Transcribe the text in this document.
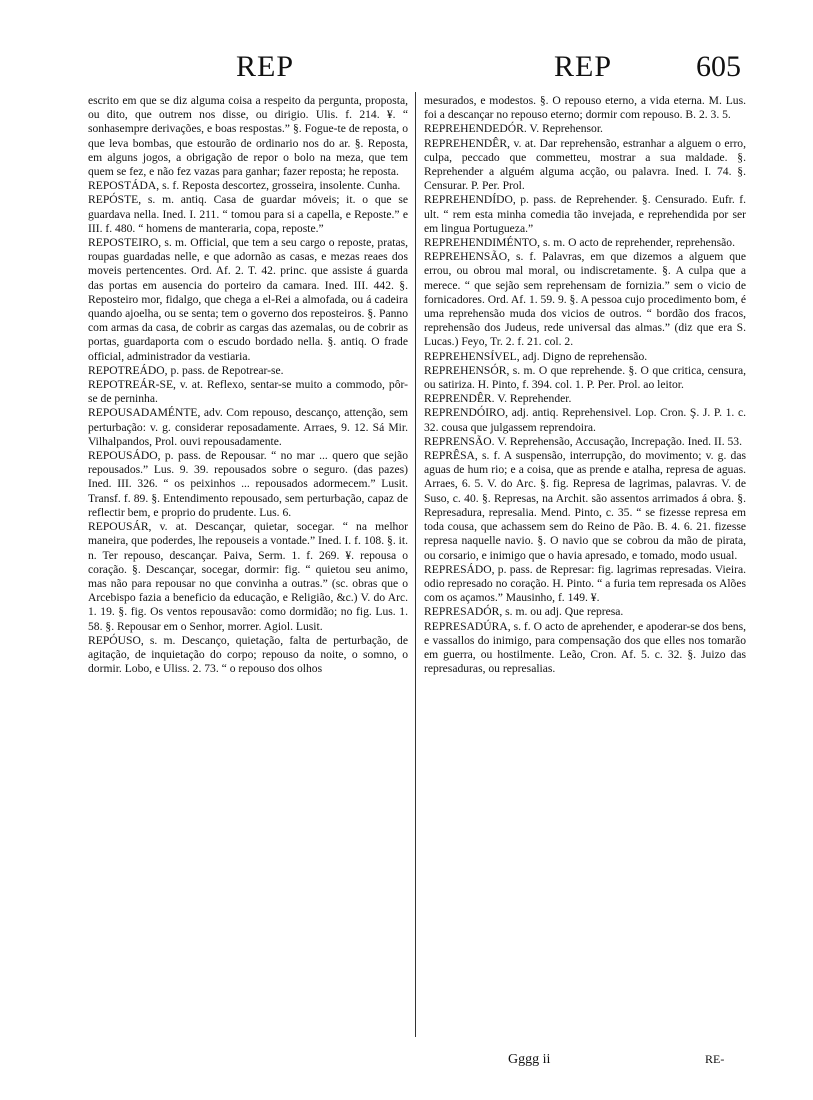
REP	REP	605

escrito em que se diz alguma coisa a respeito da pergunta, proposta, ou dito, que outrem nos disse, ou dirigio. Ulis. f. 214. ¥. “ sonhasempre derivações, e boas respostas.” §. Fogue-te de reposta, o que leva bombas, que estourão de ordinario nos do ar. §. Reposta, em alguns jogos, a obrigação de repor o bolo na meza, que tem quem se fez, e não fez vazas para ganhar; fazer reposta; he reposta.

REPOSTÁDA, s. f. Reposta descortez, grosseira, insolente. Cunha.

REPÓSTE, s. m. antiq. Casa de guardar móveis; it. o que se guardava nella. Ined. I. 211. “ tomou para si a capella, e Reposte.” e III. f. 480. “ homens de manteraria, copa, reposte.”

REPOSTEIRO, s. m. Official, que tem a seu cargo o reposte, pratas, roupas guardadas nelle, e que adornão as casas, e mezas reaes dos moveis pertencentes. Ord. Af. 2. T. 42. princ. que assiste á guarda das portas em ausencia do porteiro da camara. Ined. III. 442. §. Reposteiro mor, fidalgo, que chega a el-Rei a almofada, ou á cadeira quando ajoelha, ou se senta; tem o governo dos reposteiros. §. Panno com armas da casa, de cobrir as cargas das azemalas, ou de cobrir as portas, guardaporta com o escudo bordado nella. §. antiq. O frade official, administrador da vestiaria.

REPOTREÁDO, p. pass. de Repotrear-se.

REPOTREÁR-SE, v. at. Reflexo, sentar-se muito a commodo, pôr-se de perninha.

REPOUSADAMÉNTE, adv. Com repouso, descanço, attenção, sem perturbação: v. g. considerar reposadamente. Arraes, 9. 12. Sá Mir. Vilhalpandos, Prol. ouvi repousadamente.

REPOUSÁDO, p. pass. de Repousar. “ no mar ... quero que sejão repousados.” Lus. 9. 39. repousados sobre o seguro. (das pazes) Ined. III. 326. “ os peixinhos ... repousados adormecem.” Lusit. Transf. f. 89. §. Entendimento repousado, sem perturbação, capaz de reflectir bem, e proprio do prudente. Lus. 6.

REPOUSÁR, v. at. Descançar, quietar, socegar. “ na melhor maneira, que poderdes, lhe repouseis a vontade.” Ined. I. f. 108. §. it. n. Ter repouso, descançar. Paiva, Serm. 1. f. 269. ¥. repousa o coração. §. Descançar, socegar, dormir: fig. “ quietou seu animo, mas não para repousar no que convinha a outras.” (sc. obras que o Arcebispo fazia a beneficio da educação, e Religião, &c.) V. do Arc. 1. 19. §. fig. Os ventos repousavão: como dormidão; no fig. Lus. 1. 58. §. Repousar em o Senhor, morrer. Agiol. Lusit.

REPÓUSO, s. m. Descanço, quietação, falta de perturbação, de agitação, de inquietação do corpo; repouso da noite, o somno, o dormir. Lobo, e Uliss. 2. 73. “ o repouso dos olhos

mesurados, e modestos. §. O repouso eterno, a vida eterna. M. Lus. foi a descançar no repouso eterno; dormir com repouso. B. 2. 3. 5.

REPREHENDEDÓR. V. Reprehensor.

REPREHENDÊR, v. at. Dar reprehensão, estranhar a alguem o erro, culpa, peccado que commetteu, mostrar a sua maldade. §. Reprehender a alguém alguma acção, ou palavra. Ined. I. 74. §. Censurar. P. Per. Prol.

REPREHENDÍDO, p. pass. de Reprehender. §. Censurado. Eufr. f. ult. “ rem esta minha comedia tão invejada, e reprehendida por ser em lingua Portugueza.”

REPREHENDIMÉNTO, s. m. O acto de reprehender, reprehensão.

REPREHENSÃO, s. f. Palavras, em que dizemos a alguem que errou, ou obrou mal moral, ou indiscretamente. §. A culpa que a merece. “ que sejão sem reprehensam de fornizia.” sem o vicio de fornicadores. Ord. Af. 1. 59. 9. §. A pessoa cujo procedimento bom, é uma reprehensão muda dos vicios de outros. “ bordão dos fracos, reprehensão dos Judeus, rede universal das almas.” (diz que era S. Lucas.) Feyo, Tr. 2. f. 21. col. 2.

REPREHENSÍVEL, adj. Digno de reprehensão.

REPREHENSÓR, s. m. O que reprehende. §. O que critica, censura, ou satiriza. H. Pinto, f. 394. col. 1. P. Per. Prol. ao leitor.

REPRENDÊR. V. Reprehender.

REPRENDÓIRO, adj. antiq. Reprehensivel. Lop. Cron. Ş. J. P. 1. c. 32. cousa que julgassem reprendoira.

REPRENSÃO. V. Reprehensão, Accusação, Increpação. Ined. II. 53.

REPRÊSA, s. f. A suspensão, interrupção, do movimento; v. g. das aguas de hum rio; e a coisa, que as prende e atalha, represa de aguas. Arraes, 6. 5. V. do Arc. §. fig. Represa de lagrimas, palavras. V. de Suso, c. 40. §. Represas, na Archit. são assentos arrimados á obra. §. Represadura, represalia. Mend. Pinto, c. 35. “ se fizesse represa em toda cousa, que achassem sem do Reino de Pão. B. 4. 6. 21. fizesse represa naquelle navio. §. O navio que se cobrou da mão de pirata, ou corsario, e inimigo que o havia apresado, e tomado, modo usual.

REPRESÁDO, p. pass. de Represar: fig. lagrimas represadas. Vieira. odio represado no coração. H. Pinto. “ a furia tem represada os Alões com os açamos.” Mausinho, f. 149. ¥.

REPRESADÓR, s. m. ou adj. Que represa.

REPRESADÚRA, s. f. O acto de aprehender, e apoderar-se dos bens, e vassallos do inimigo, para compensação dos que elles nos tomarão em guerra, ou hostilmente. Leão, Cron. Af. 5. c. 32. §. Juizo das represaduras, ou represalias.

Gggg ii	RE-
